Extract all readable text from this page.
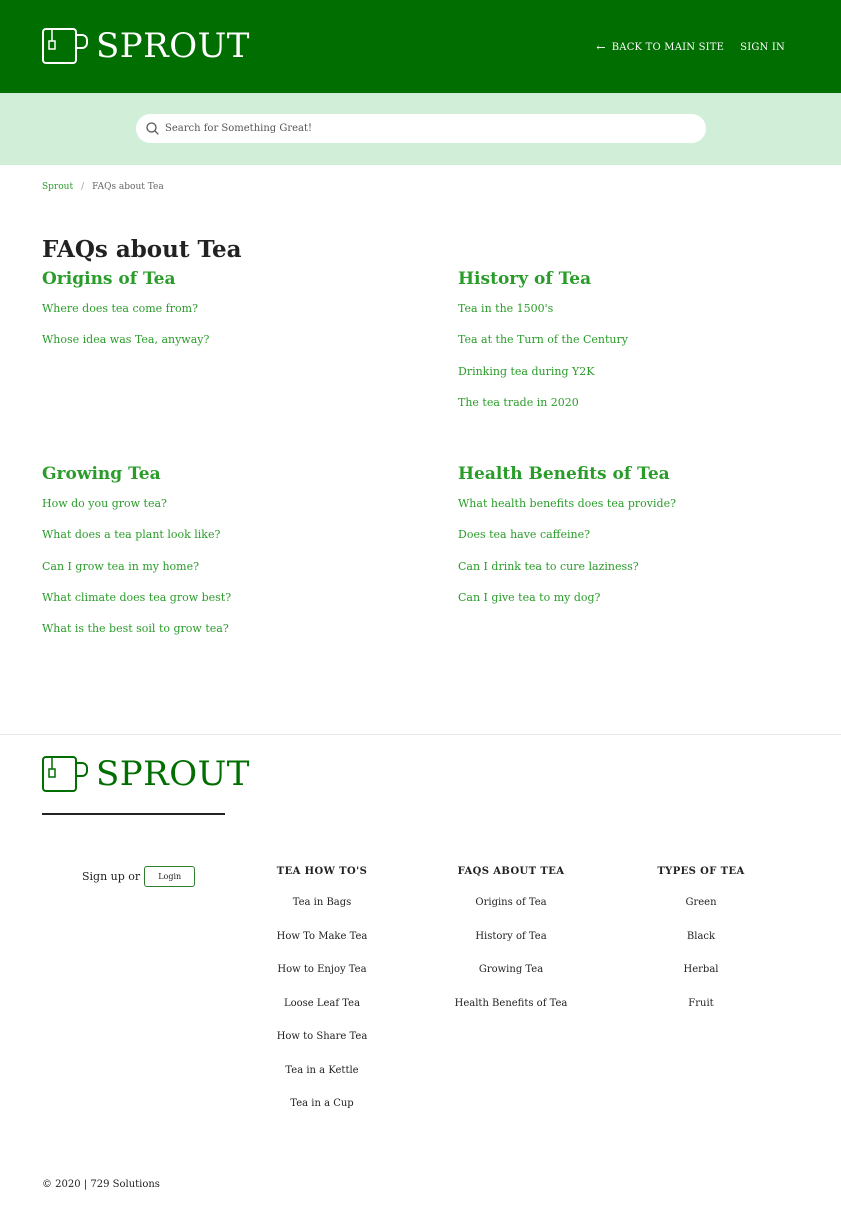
SPROUT	← BACK TO MAIN SITE SIGN IN
Search for Something Great!
Sprout / FAQs about Tea
FAQs about Tea
Origins of Tea
Where does tea come from?
Whose idea was Tea, anyway?
History of Tea
Tea in the 1500's
Tea at the Turn of the Century
Drinking tea during Y2K
The tea trade in 2020
Growing Tea
How do you grow tea?
What does a tea plant look like?
Can I grow tea in my home?
What climate does tea grow best?
What is the best soil to grow tea?
Health Benefits of Tea
What health benefits does tea provide?
Does tea have caffeine?
Can I drink tea to cure laziness?
Can I give tea to my dog?
SPROUT
Sign up or	Login	TEA HOW TO'S
Tea in Bags
How To Make Tea
How to Enjoy Tea
Loose Leaf Tea
How to Share Tea
Tea in a Kettle
Tea in a Cup
FAQS ABOUT TEA
Origins of Tea
History of Tea
Growing Tea
Health Benefits of Tea
TYPES OF TEA
Green
Black
Herbal
Fruit
© 2020 | 729 Solutions
